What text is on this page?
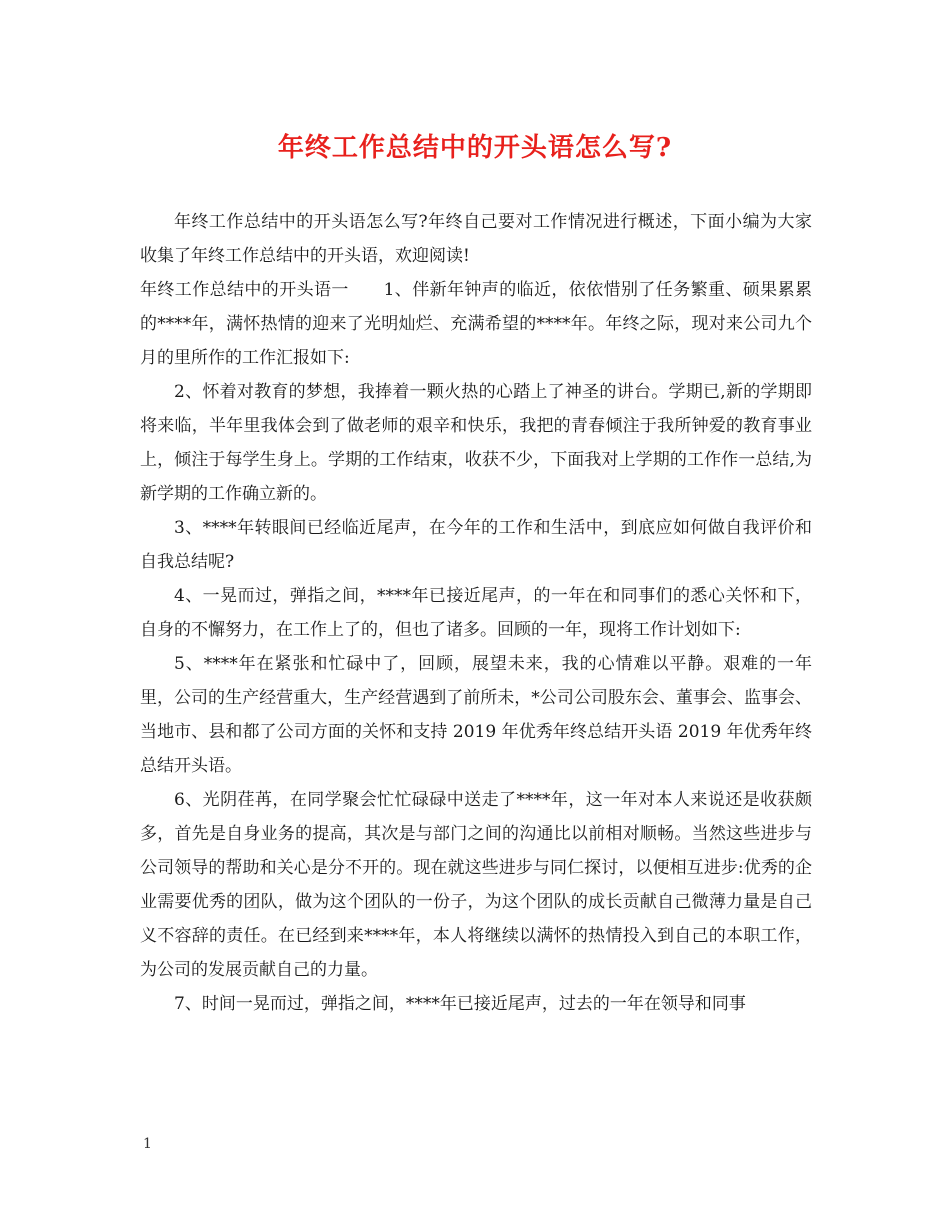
年终工作总结中的开头语怎么写?

年终工作总结中的开头语怎么写?年终自己要对工作情况进行概述，下面小编为大家收集了年终工作总结中的开头语，欢迎阅读!

年终工作总结中的开头语一　　1、伴新年钟声的临近，依依惜别了任务繁重、硕果累累的****年，满怀热情的迎来了光明灿烂、充满希望的****年。年终之际，现对来公司九个月的里所作的工作汇报如下:

2、怀着对教育的梦想，我捧着一颗火热的心踏上了神圣的讲台。学期已,新的学期即将来临，半年里我体会到了做老师的艰辛和快乐，我把的青春倾注于我所钟爱的教育事业上，倾注于每学生身上。学期的工作结束，收获不少，下面我对上学期的工作作一总结,为新学期的工作确立新的。

3、****年转眼间已经临近尾声，在今年的工作和生活中，到底应如何做自我评价和自我总结呢?

4、一晃而过，弹指之间，****年已接近尾声，的一年在和同事们的悉心关怀和下，自身的不懈努力，在工作上了的，但也了诸多。回顾的一年，现将工作计划如下:

5、****年在紧张和忙碌中了，回顾，展望未来，我的心情难以平静。艰难的一年里，公司的生产经营重大，生产经营遇到了前所未，*公司公司股东会、董事会、监事会、当地市、县和都了公司方面的关怀和支持 2019 年优秀年终总结开头语 2019 年优秀年终总结开头语。

6、光阴荏苒，在同学聚会忙忙碌碌中送走了****年，这一年对本人来说还是收获颇多，首先是自身业务的提高，其次是与部门之间的沟通比以前相对顺畅。当然这些进步与公司领导的帮助和关心是分不开的。现在就这些进步与同仁探讨，以便相互进步:优秀的企业需要优秀的团队，做为这个团队的一份子，为这个团队的成长贡献自己微薄力量是自己义不容辞的责任。在已经到来****年，本人将继续以满怀的热情投入到自己的本职工作，为公司的发展贡献自己的力量。

7、时间一晃而过，弹指之间，****年已接近尾声，过去的一年在领导和同事

1
